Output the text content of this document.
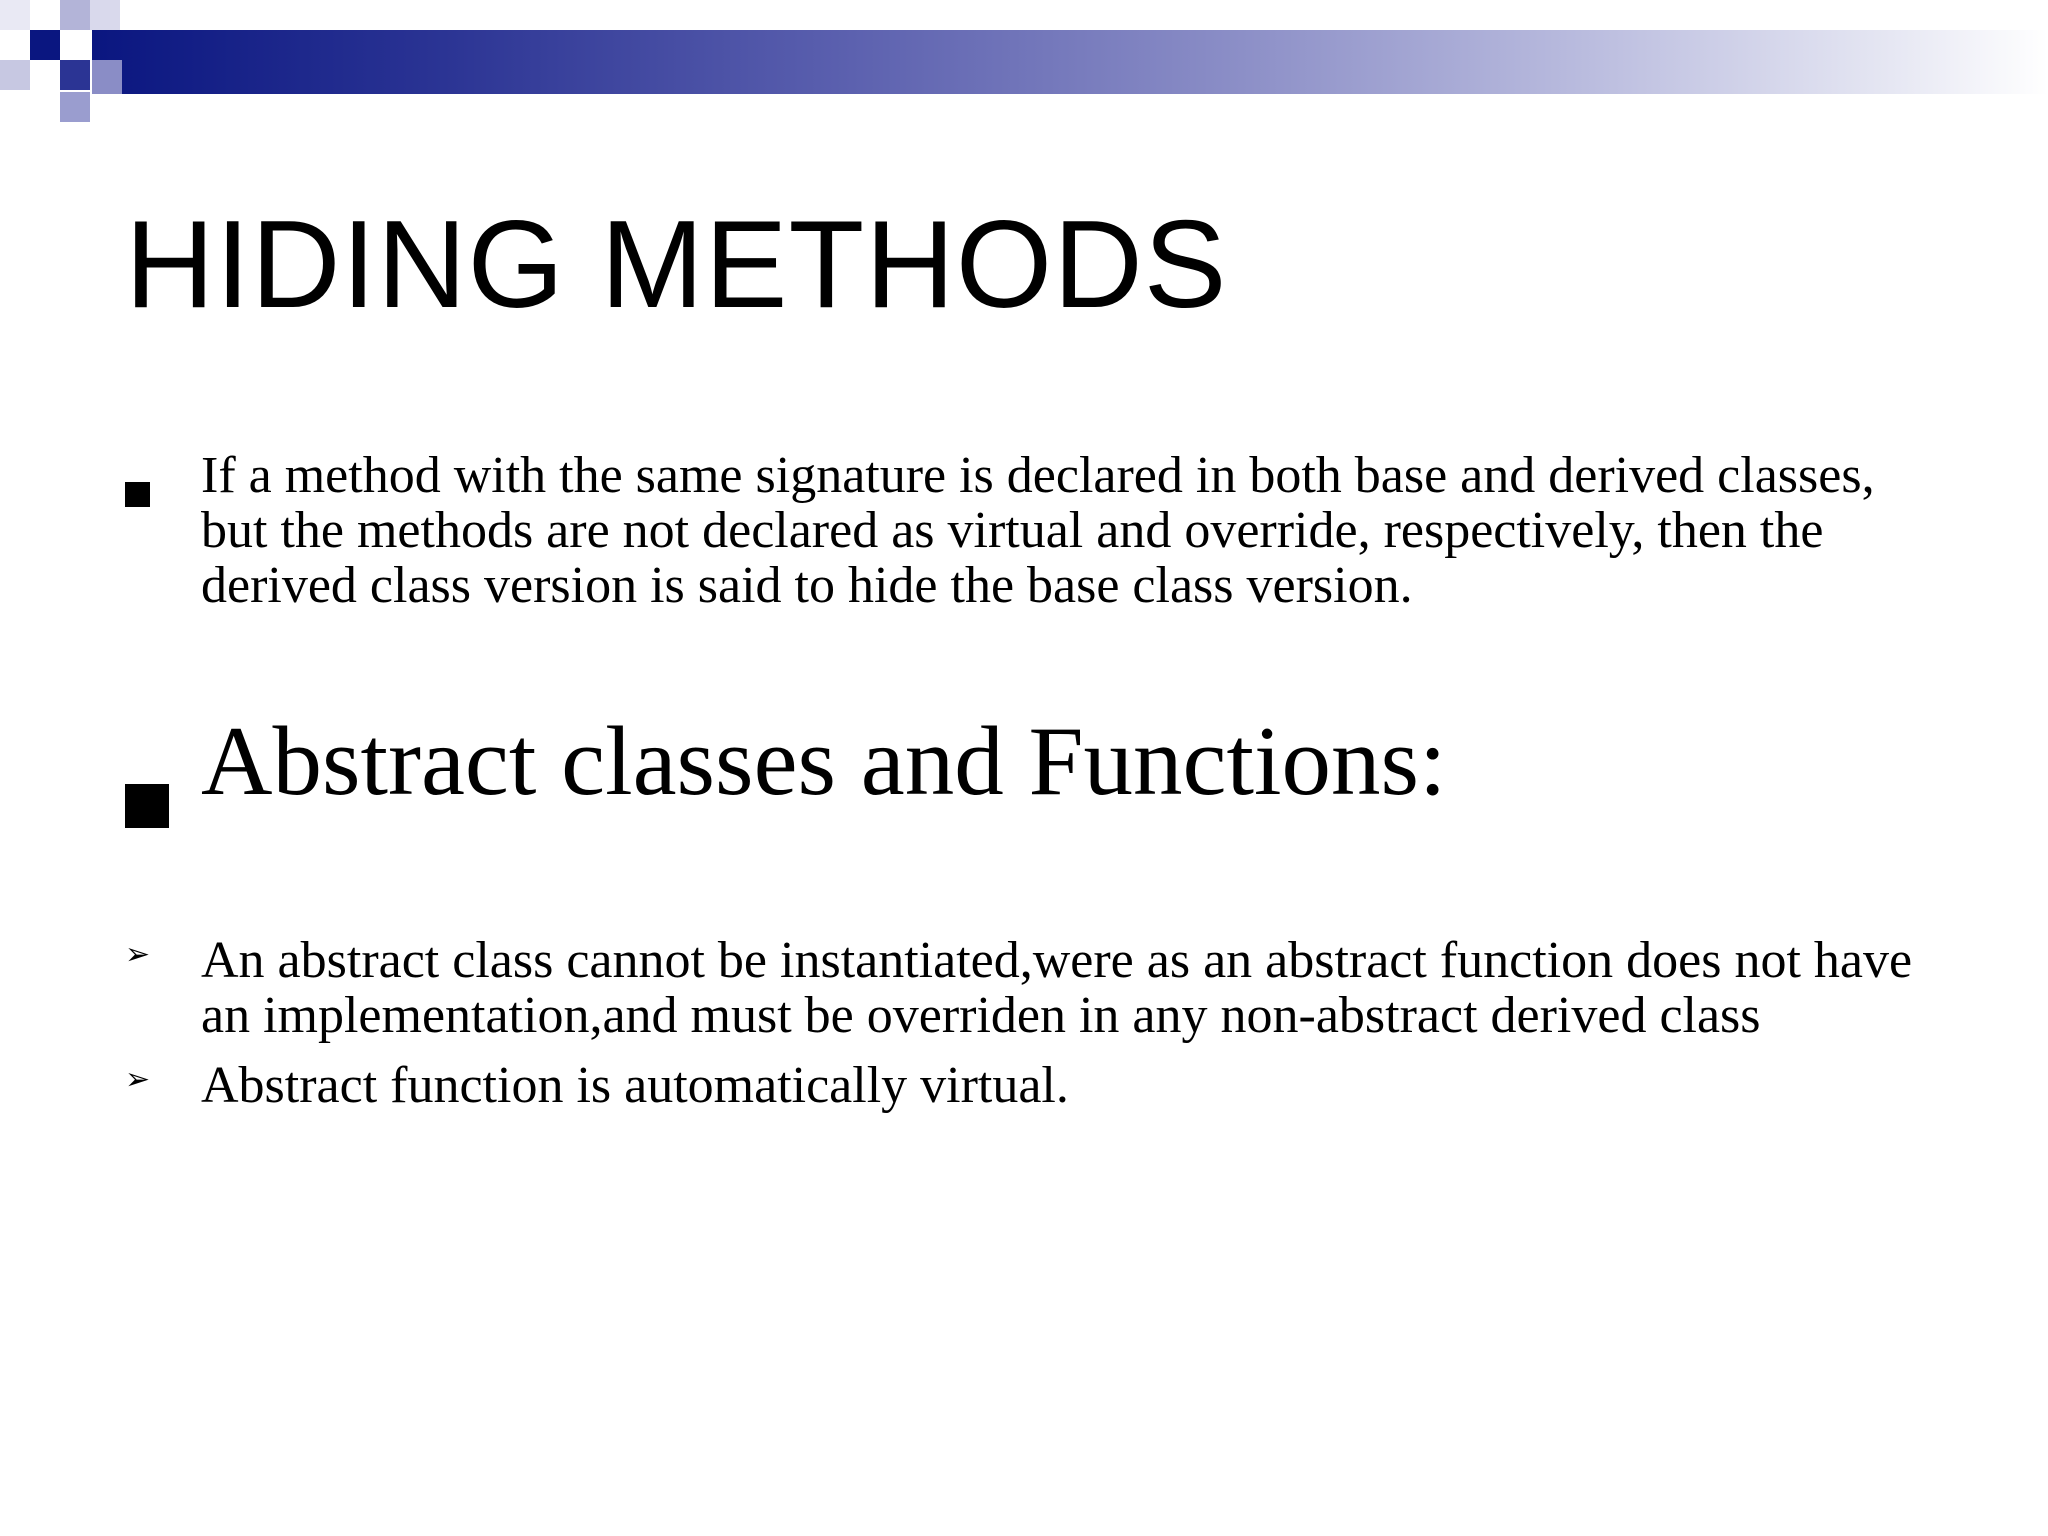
HIDING METHODS
If a method with the same signature is declared in both base and derived classes, but the methods are not declared as virtual and override, respectively, then the derived class version is said to hide the base class version.
Abstract classes and Functions:
➢ An abstract class cannot be instantiated,were as an abstract function does not have an implementation,and must be overriden in any non-abstract derived class
➢ Abstract function is automatically virtual.
